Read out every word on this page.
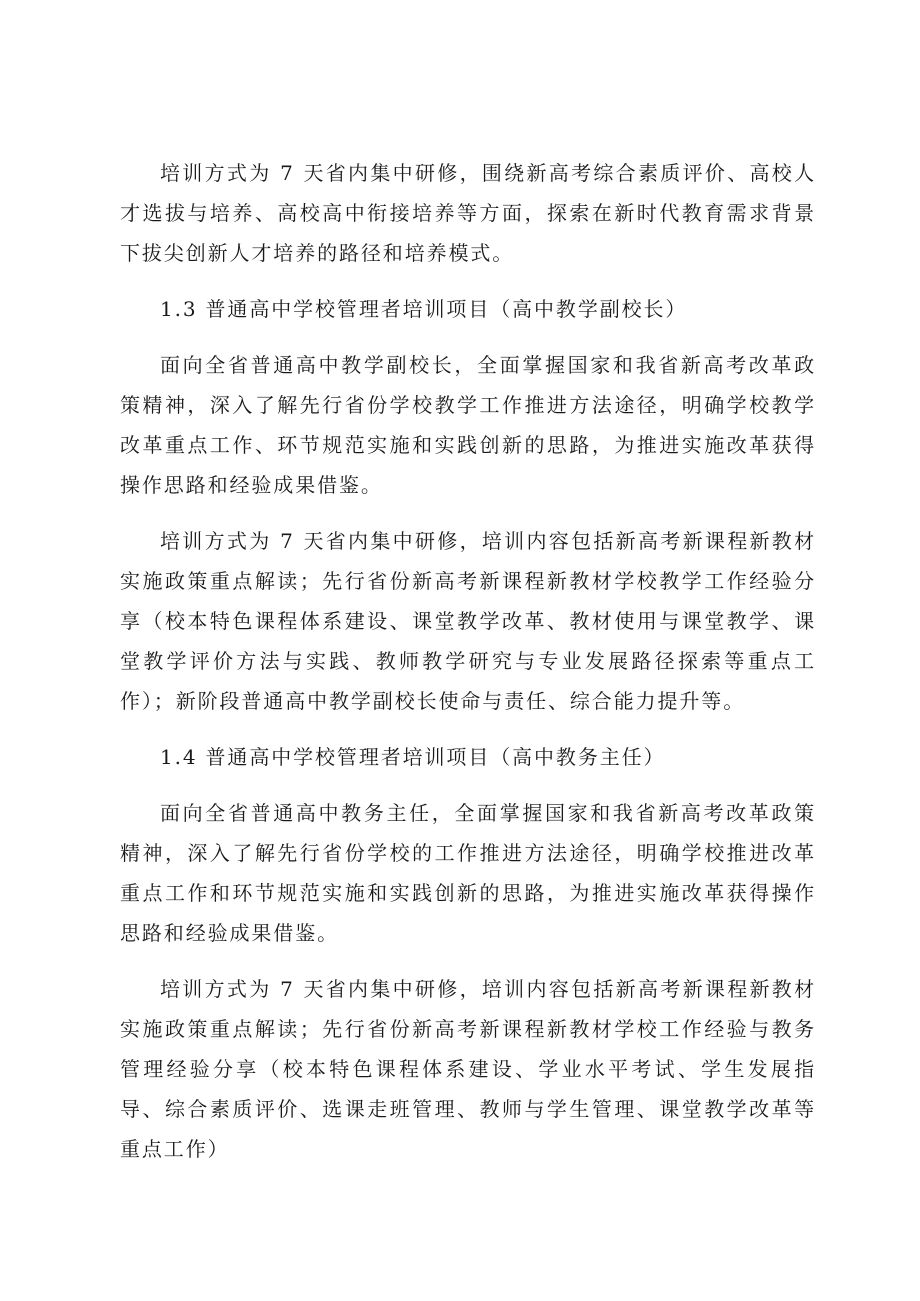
培训方式为 7 天省内集中研修，围绕新高考综合素质评价、高校人才选拔与培养、高校高中衔接培养等方面，探索在新时代教育需求背景下拔尖创新人才培养的路径和培养模式。

1.3 普通高中学校管理者培训项目（高中教学副校长）

面向全省普通高中教学副校长，全面掌握国家和我省新高考改革政策精神，深入了解先行省份学校教学工作推进方法途径，明确学校教学改革重点工作、环节规范实施和实践创新的思路，为推进实施改革获得操作思路和经验成果借鉴。

培训方式为 7 天省内集中研修，培训内容包括新高考新课程新教材实施政策重点解读；先行省份新高考新课程新教材学校教学工作经验分享（校本特色课程体系建设、课堂教学改革、教材使用与课堂教学、课堂教学评价方法与实践、教师教学研究与专业发展路径探索等重点工作）；新阶段普通高中教学副校长使命与责任、综合能力提升等。

1.4 普通高中学校管理者培训项目（高中教务主任）

面向全省普通高中教务主任，全面掌握国家和我省新高考改革政策精神，深入了解先行省份学校的工作推进方法途径，明确学校推进改革重点工作和环节规范实施和实践创新的思路，为推进实施改革获得操作思路和经验成果借鉴。

培训方式为 7 天省内集中研修，培训内容包括新高考新课程新教材实施政策重点解读；先行省份新高考新课程新教材学校工作经验与教务管理经验分享（校本特色课程体系建设、学业水平考试、学生发展指导、综合素质评价、选课走班管理、教师与学生管理、课堂教学改革等重点工作）
